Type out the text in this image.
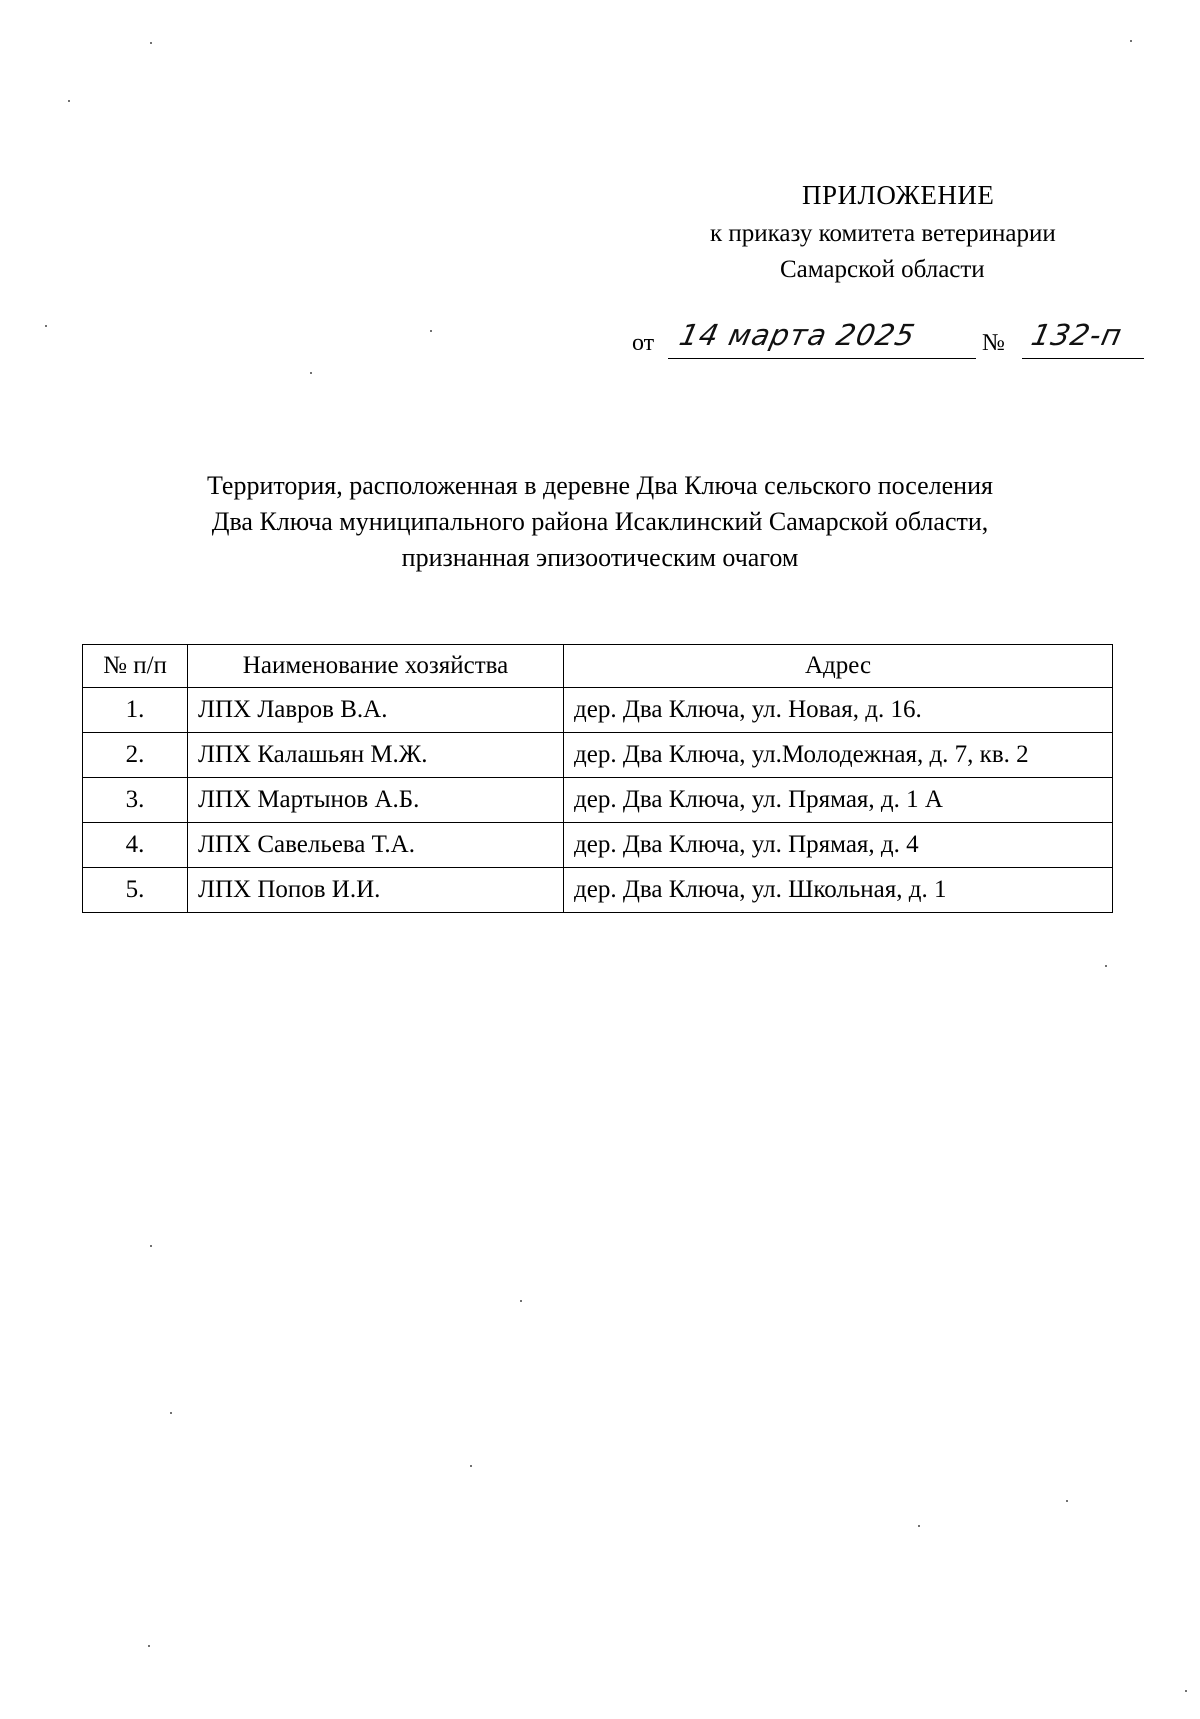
ПРИЛОЖЕНИЕ
к приказу комитета ветеринарии
Самарской области
от 14 марта 2025	№ 132-п
Территория, расположенная в деревне Два Ключа сельского поселения
Два Ключа муниципального района Исаклинский Самарской области,
признанная эпизоотическим очагом
№ п/п	Наименование хозяйства	Адрес
1.	ЛПХ Лавров В.А.	дер. Два Ключа, ул. Новая, д. 16.
2.	ЛПХ Калашьян М.Ж.	дер. Два Ключа, ул.Молодежная, д. 7, кв. 2
3.	ЛПХ Мартынов А.Б.	дер. Два Ключа, ул. Прямая, д. 1 А
4.	ЛПХ Савельева Т.А.	дер. Два Ключа, ул. Прямая, д. 4
5.	ЛПХ Попов И.И.	дер. Два Ключа, ул. Школьная, д. 1
